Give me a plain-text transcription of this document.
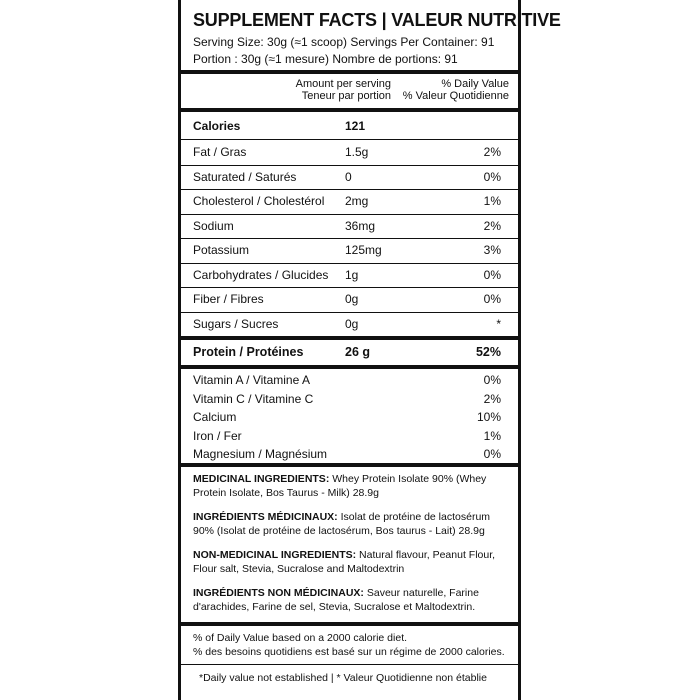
SUPPLEMENT FACTS | VALEUR NUTRITIVE
Serving Size: 30g (≈1 scoop) Servings Per Container: 91
Portion : 30g (≈1 mesure) Nombre de portions: 91
Amount per serving
Teneur par portion
% Daily Value
% Valeur Quotidienne
Calories	121
Fat / Gras	1.5g	2%
Saturated / Saturés	0	0%
Cholesterol / Cholestérol 2mg	1%
Sodium	36mg	2%
Potassium	125mg	3%
Carbohydrates / Glucides 1g	0%
Fiber / Fibres	0g	0%
Sugars / Sucres	0g	*
Protein / Protéines	26 g	52%
Vitamin A / Vitamine A	0%
Vitamin C / Vitamine C	2%
Calcium	10%
Iron / Fer	1%
Magnesium / Magnésium	0%
MEDICINAL INGREDIENTS: Whey Protein Isolate 90% (Whey Protein Isolate, Bos Taurus - Milk) 28.9g
INGRÉDIENTS MÉDICINAUX: Isolat de protéine de lactosérum 90% (Isolat de protéine de lactosérum, Bos taurus - Lait) 28.9g
NON-MEDICINAL INGREDIENTS: Natural flavour, Peanut Flour, Flour salt, Stevia, Sucralose and Maltodextrin
INGRÉDIENTS NON MÉDICINAUX: Saveur naturelle, Farine d'arachides, Farine de sel, Stevia, Sucralose et Maltodextrin.
% of Daily Value based on a 2000 calorie diet.
% des besoins quotidiens est basé sur un régime de 2000 calories.
*Daily value not established | * Valeur Quotidienne non établie
